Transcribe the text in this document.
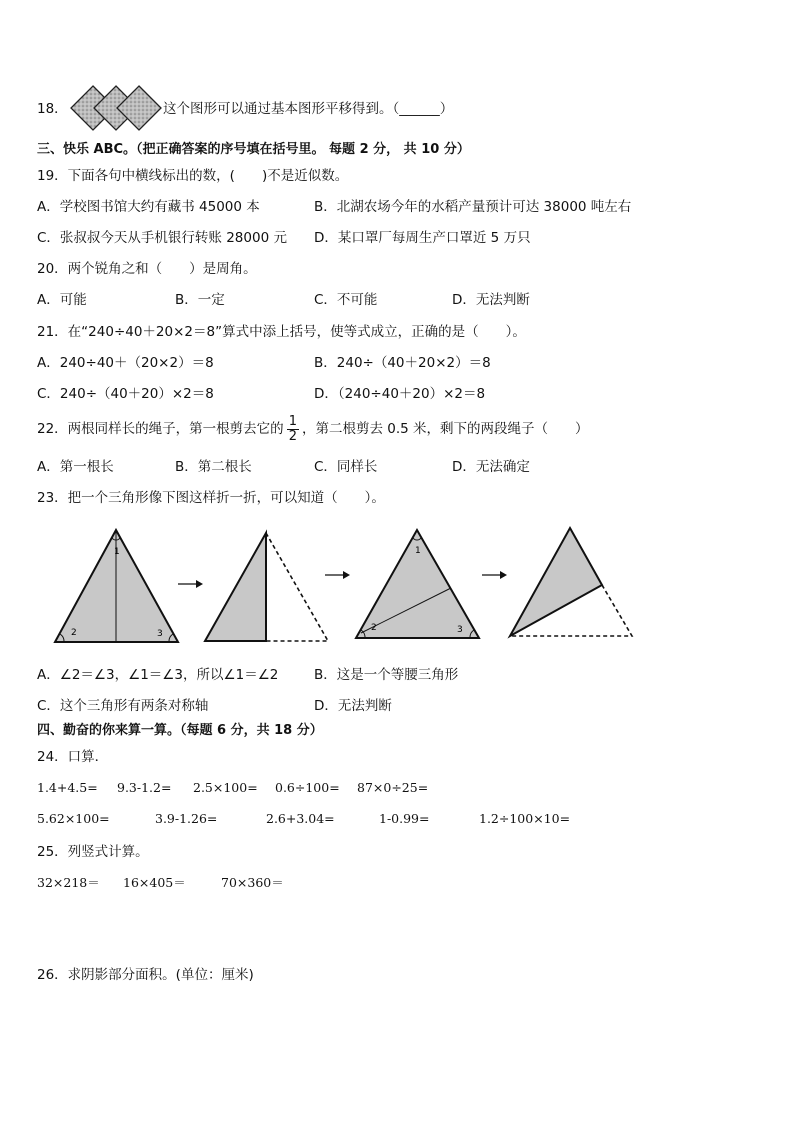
18．	这个图形可以通过基本图形平移得到。（______）
三、快乐 ABC。（把正确答案的序号填在括号里。 每题 2 分， 共 10 分）
19．下面各句中横线标出的数，(　　)不是近似数。
A．学校图书馆大约有藏书 45000 本	B．北湖农场今年的水稻产量预计可达 38000 吨左右
C．张叔叔今天从手机银行转账 28000 元 D．某口罩厂每周生产口罩近 5 万只
20．两个锐角之和（　　）是周角。
A．可能	B．一定	C．不可能	D．无法判断
21．在“240÷40＋20×2＝8”算式中添上括号，使等式成立，正确的是（　　）。
A．240÷40＋（20×2）＝8	B．240÷（40＋20×2）＝8
C．240÷（40＋20）×2＝8	D．（240÷40＋20）×2＝8
22．两根同样长的绳子，第一根剪去它的 $\frac{1}{2}$ ，第二根剪去 0.5 米，剩下的两段绳子（　　）
A．第一根长	B．第二根长	C．同样长	D．无法确定
23．把一个三角形像下图这样折一折，可以知道（　　）。
1
2	3
1
2	3
A．∠2＝∠3，∠1＝∠3，所以∠1＝∠2	B．这是一个等腰三角形
C．这个三角形有两条对称轴	D．无法判断
四、勤奋的你来算一算。（每题 6 分，共 18 分）
24．口算．
1.4+4.5= 9.3-1.2= 2.5×100= 0.6÷100= 87×0÷25=
5.62×100=	3.9-1.26=	2.6+3.04=	1-0.99=	1.2÷100×10=
25．列竖式计算。
32×218＝ 16×405＝	70×360＝
26．求阴影部分面积。(单位：厘米)
